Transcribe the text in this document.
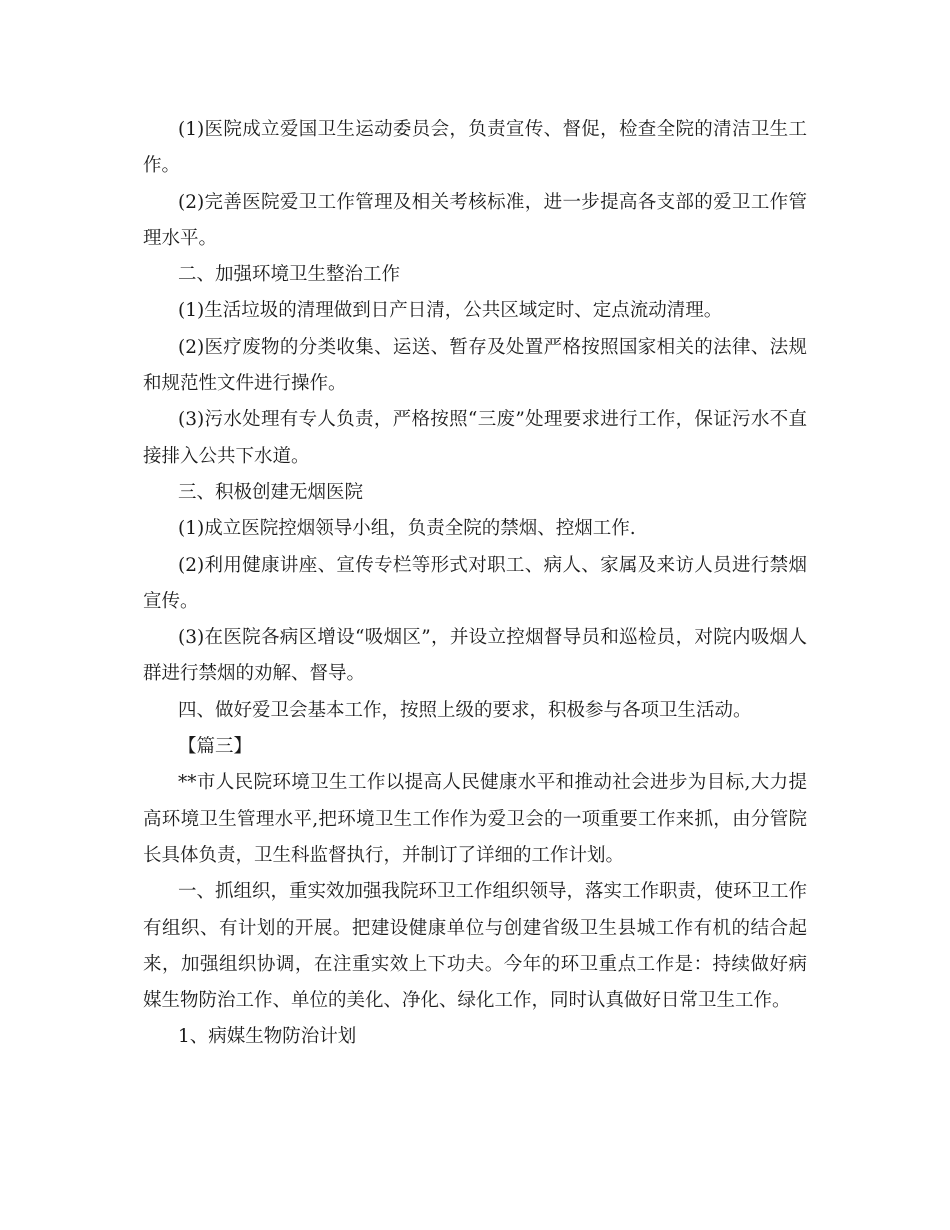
(1)医院成立爱国卫生运动委员会，负责宣传、督促，检查全院的清洁卫生工作。

(2)完善医院爱卫工作管理及相关考核标准，进一步提高各支部的爱卫工作管理水平。

二、加强环境卫生整治工作

(1)生活垃圾的清理做到日产日清，公共区域定时、定点流动清理。

(2)医疗废物的分类收集、运送、暂存及处置严格按照国家相关的法律、法规和规范性文件进行操作。

(3)污水处理有专人负责，严格按照“三废”处理要求进行工作，保证污水不直接排入公共下水道。

三、积极创建无烟医院

(1)成立医院控烟领导小组，负责全院的禁烟、控烟工作.

(2)利用健康讲座、宣传专栏等形式对职工、病人、家属及来访人员进行禁烟宣传。

(3)在医院各病区增设“吸烟区”，并设立控烟督导员和巡检员，对院内吸烟人群进行禁烟的劝解、督导。

四、做好爱卫会基本工作，按照上级的要求，积极参与各项卫生活动。

【篇三】

**市人民院环境卫生工作以提高人民健康水平和推动社会进步为目标,大力提高环境卫生管理水平,把环境卫生工作作为爱卫会的一项重要工作来抓，由分管院长具体负责，卫生科监督执行，并制订了详细的工作计划。

一、抓组织，重实效加强我院环卫工作组织领导，落实工作职责，使环卫工作有组织、有计划的开展。把建设健康单位与创建省级卫生县城工作有机的结合起来，加强组织协调，在注重实效上下功夫。今年的环卫重点工作是：持续做好病媒生物防治工作、单位的美化、净化、绿化工作，同时认真做好日常卫生工作。

1、病媒生物防治计划
